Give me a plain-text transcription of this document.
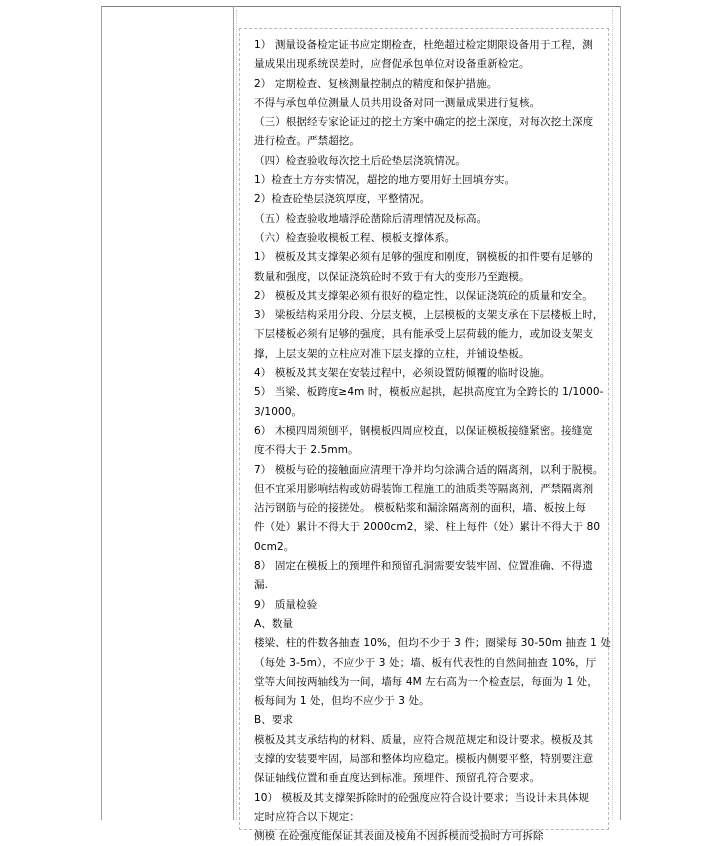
1） 测量设备检定证书应定期检查，杜绝超过检定期限设备用于工程，测
量成果出现系统误差时，应督促承包单位对设备重新检定。
2） 定期检查、复核测量控制点的精度和保护措施。
不得与承包单位测量人员共用设备对同一测量成果进行复核。
（三）根据经专家论证过的挖土方案中确定的挖土深度，对每次挖土深度
进行检查。严禁超挖。
（四）检查验收每次挖土后砼垫层浇筑情况。
1）检查土方夯实情况，超挖的地方要用好土回填夯实。
2）检查砼垫层浇筑厚度，平整情况。
（五）检查验收地墙浮砼凿除后清理情况及标高。
（六）检查验收模板工程、模板支撑体系。
1） 模板及其支撑架必须有足够的强度和刚度，钢模板的扣件要有足够的
数量和强度，以保证浇筑砼时不致于有大的变形乃至跑模。
2） 模板及其支撑架必须有很好的稳定性，以保证浇筑砼的质量和安全。
3） 梁板结构采用分段、分层支模，上层模板的支架支承在下层楼板上时，
下层楼板必须有足够的强度，具有能承受上层荷载的能力，或加设支架支
撑，上层支架的立柱应对准下层支撑的立柱，并铺设垫板。
4） 模板及其支架在安装过程中，必须设置防倾覆的临时设施。
5） 当梁、板跨度≥4m 时，模板应起拱，起拱高度宜为全跨长的 1/1000-
3/1000。
6） 木模四周须刨平，钢模板四周应校直，以保证模板接缝紧密。接缝宽
度不得大于 2.5mm。
7） 模板与砼的接触面应清理干净并均匀涂满合适的隔离剂，以利于脱模。
但不宜采用影响结构或妨碍装饰工程施工的油质类等隔离剂，严禁隔离剂
沾污钢筋与砼的接搓处。 模板粘浆和漏涂隔离剂的面积，墙、板按上每
件（处）累计不得大于 2000cm2，梁、柱上每件（处）累计不得大于 80
0cm2。
8） 固定在模板上的预埋件和预留孔洞需要安装牢固、位置准确、不得遗
漏.
9） 质量检验
A、数量
楼梁、柱的件数各抽查 10%，但均不少于 3 件；圈梁每 30-50m 抽查 1 处
（每处 3-5m），不应少于 3 处；墙、板有代表性的自然间抽查 10%，厅
堂等大间按两轴线为一间，墙每 4M 左右高为一个检查层，每面为 1 处，
板每间为 1 处，但均不应少于 3 处。
B、要求
模板及其支承结构的材料、质量，应符合规范规定和设计要求。模板及其
支撑的安装要牢固，局部和整体均应稳定。模板内侧要平整，特别要注意
保证轴线位置和垂直度达到标准。预埋件、预留孔符合要求。
10） 模板及其支撑架拆除时的砼强度应符合设计要求；当设计未具体规
定时应符合以下规定：
侧模 在砼强度能保证其表面及棱角不因拆模而受损时方可拆除
